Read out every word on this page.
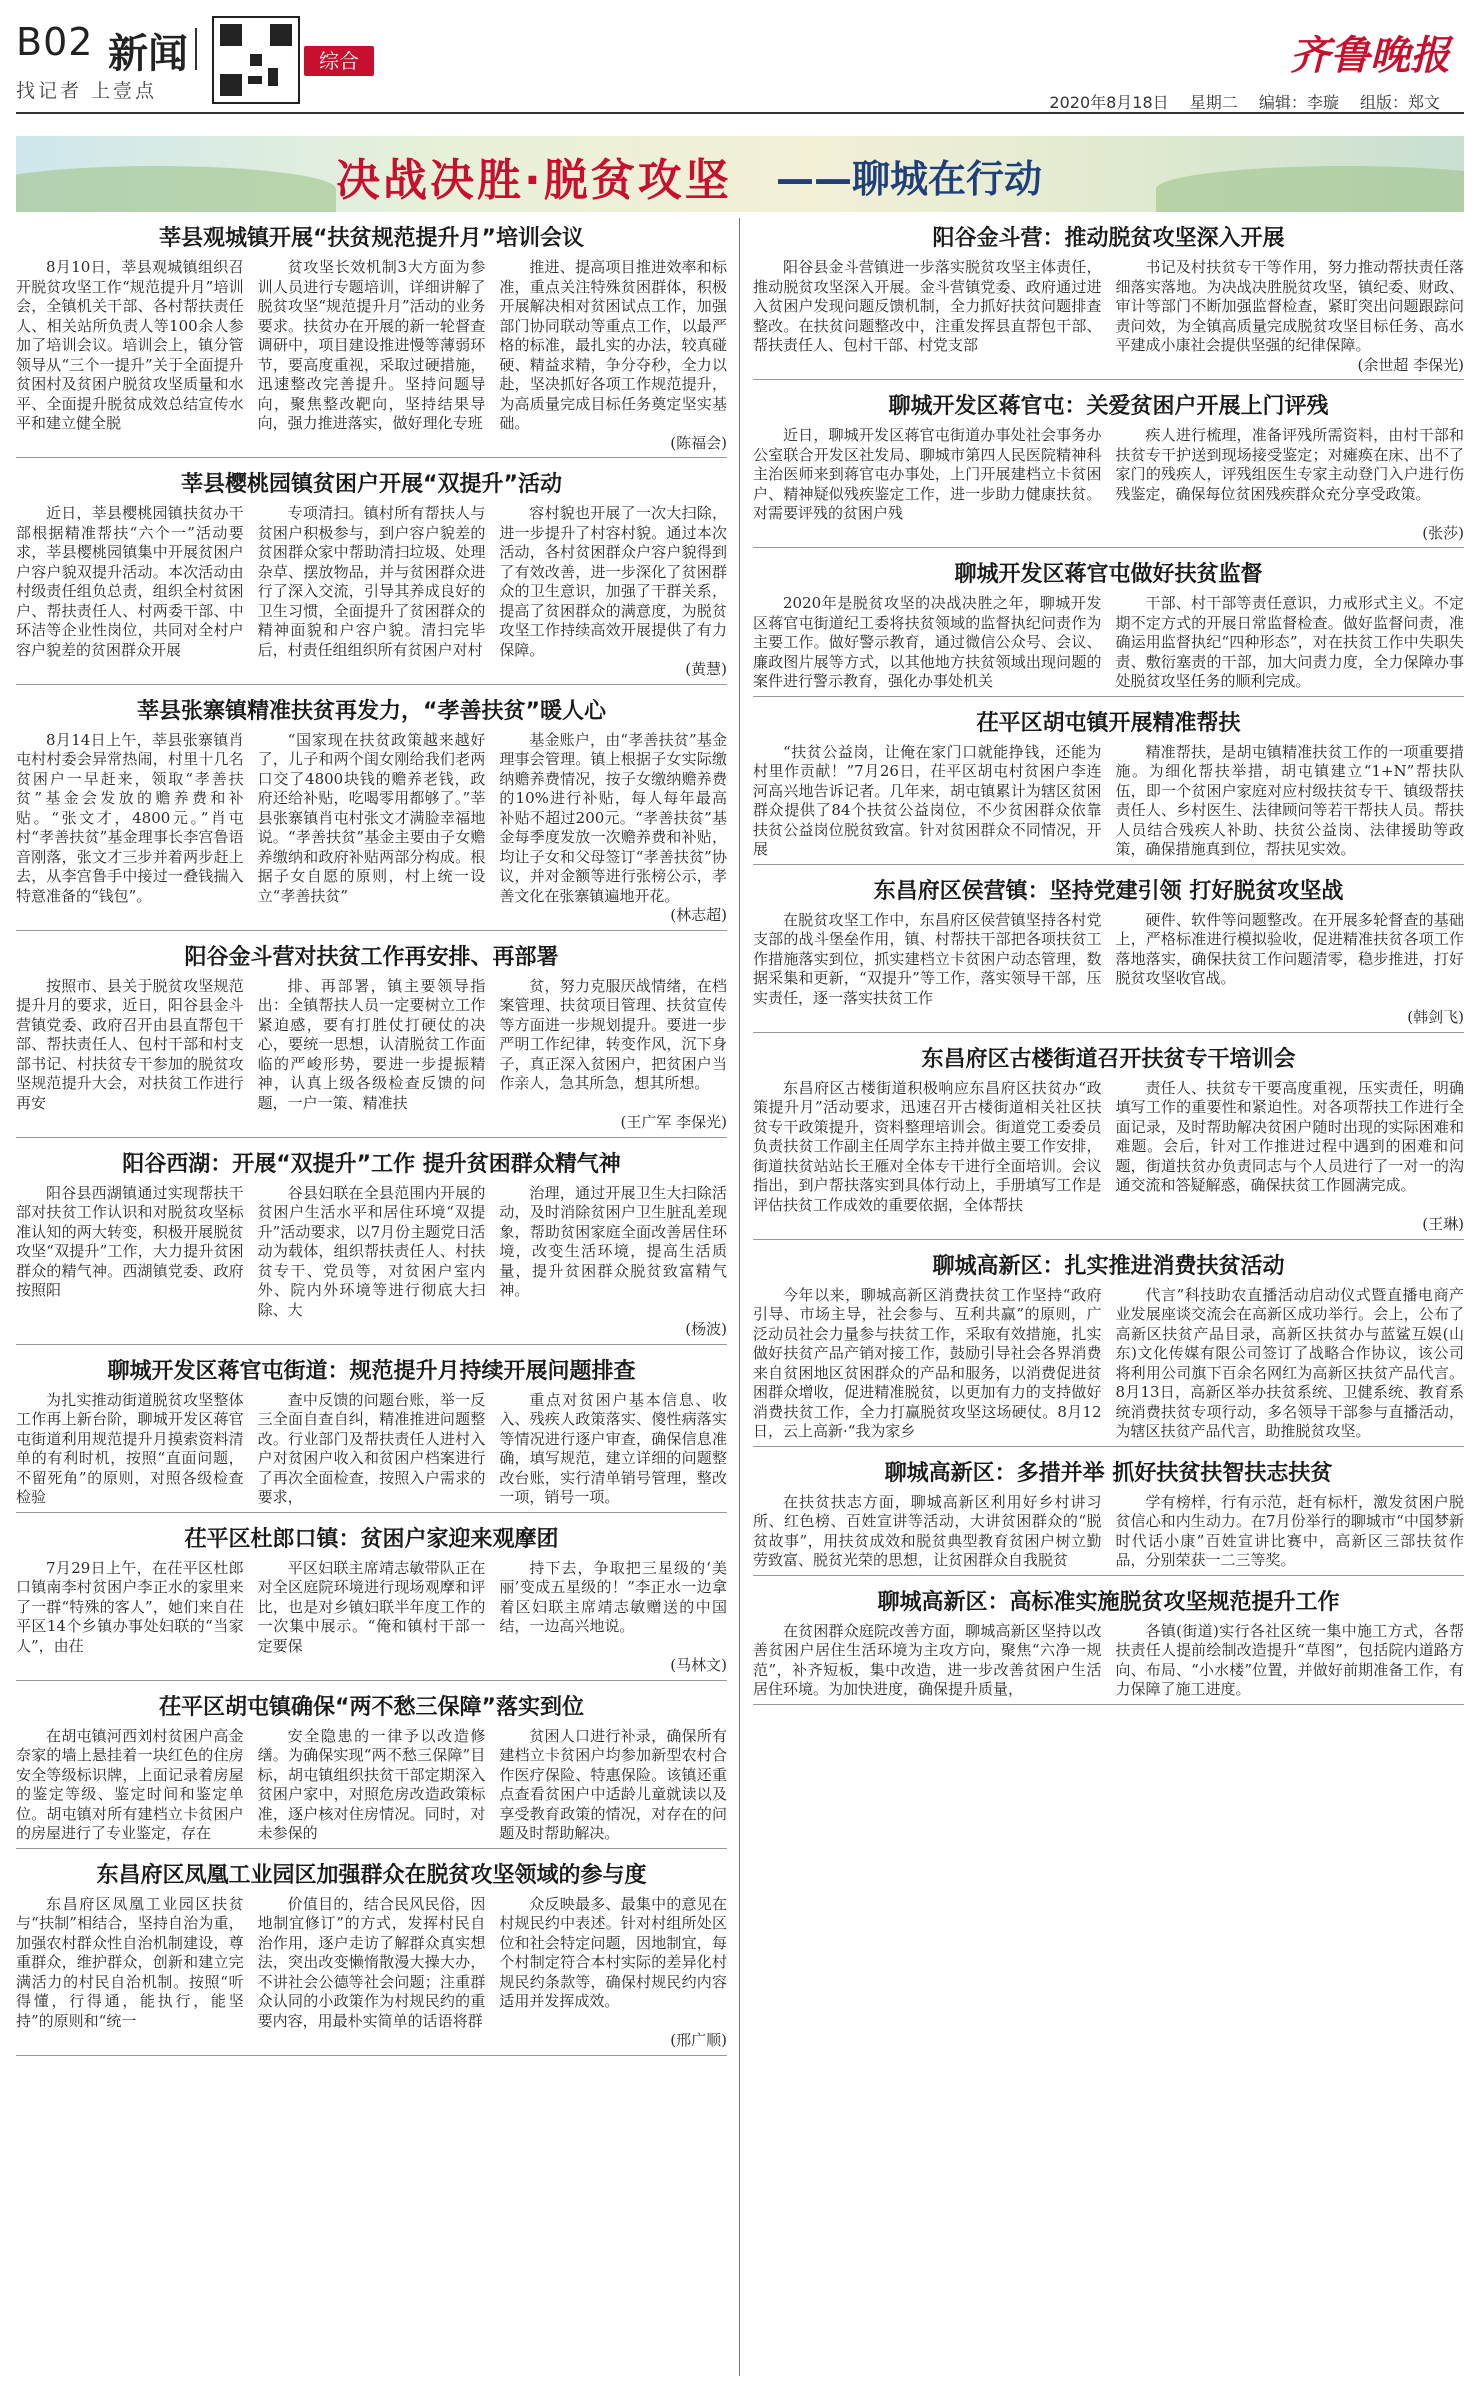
B02 新闻	综合
找记者 上壹点
齐鲁晚报
2020年8月18日 星期二 编辑：李璇 组版：郑文
决战决胜·脱贫攻坚 ——聊城在行动
莘县观城镇开展“扶贫规范提升月”培训会议

8月10日，莘县观城镇组织召开脱贫攻坚工作“规范提升月”培训会，全镇机关干部、各村帮扶责任人、相关站所负责人等100余人参加了培训会议。培训会上，镇分管领导从“三个一提升”关于全面提升贫困村及贫困户脱贫攻坚质量和水平、全面提升脱贫成效总结宣传水平和建立健全脱

贫攻坚长效机制3大方面为参训人员进行专题培训，详细讲解了脱贫攻坚“规范提升月”活动的业务要求。扶贫办在开展的新一轮督查调研中，项目建设推进慢等薄弱环节，要高度重视，采取过硬措施，迅速整改完善提升。坚持问题导向，聚焦整改靶向，坚持结果导向，强力推进落实，做好理化专班

推进、提高项目推进效率和标准，重点关注特殊贫困群体，积极开展解决相对贫困试点工作，加强部门协同联动等重点工作，以最严格的标准，最扎实的办法，较真碰硬、精益求精，争分夺秒，全力以赴，坚决抓好各项工作规范提升，为高质量完成目标任务奠定坚实基础。

(陈福会)
莘县樱桃园镇贫困户开展“双提升”活动

近日，莘县樱桃园镇扶贫办干部根据精准帮扶“六个一”活动要求，莘县樱桃园镇集中开展贫困户户容户貌双提升活动。本次活动由村级责任组负总责，组织全村贫困户、帮扶责任人、村两委干部、中环洁等企业性岗位，共同对全村户容户貌差的贫困群众开展

专项清扫。镇村所有帮扶人与贫困户积极参与，到户容户貌差的贫困群众家中帮助清扫垃圾、处理杂草、摆放物品，并与贫困群众进行了深入交流，引导其养成良好的卫生习惯，全面提升了贫困群众的精神面貌和户容户貌。清扫完毕后，村责任组组织所有贫困户对村

容村貌也开展了一次大扫除，进一步提升了村容村貌。通过本次活动，各村贫困群众户容户貌得到了有效改善，进一步深化了贫困群众的卫生意识，加强了干群关系，提高了贫困群众的满意度，为脱贫攻坚工作持续高效开展提供了有力保障。

(黄慧)
莘县张寨镇精准扶贫再发力，“孝善扶贫”暖人心

8月14日上午，莘县张寨镇肖屯村村委会异常热闹，村里十几名贫困户一早赶来，领取“孝善扶贫”基金会发放的赡养费和补贴。“张文才，4800元。”肖屯村“孝善扶贫”基金理事长李宫鲁语音刚落，张文才三步并着两步赶上去，从李宫鲁手中接过一叠钱揣入特意准备的“钱包”。

“国家现在扶贫政策越来越好了，儿子和两个闺女刚给我们老两口交了4800块钱的赡养老钱，政府还给补贴，吃喝零用都够了。”莘县张寨镇肖屯村张文才满脸幸福地说。“孝善扶贫”基金主要由子女赡养缴纳和政府补贴两部分构成。根据子女自愿的原则，村上统一设立“孝善扶贫”

基金账户，由“孝善扶贫”基金理事会管理。镇上根据子女实际缴纳赡养费情况，按子女缴纳赡养费的10%进行补贴，每人每年最高补贴不超过200元。“孝善扶贫”基金每季度发放一次赡养费和补贴，均让子女和父母签订“孝善扶贫”协议，并对金额等进行张榜公示，孝善文化在张寨镇遍地开花。

(林志超)
阳谷金斗营对扶贫工作再安排、再部署

按照市、县关于脱贫攻坚规范提升月的要求，近日，阳谷县金斗营镇党委、政府召开由县直帮包干部、帮扶责任人、包村干部和村支部书记、村扶贫专干参加的脱贫攻坚规范提升大会，对扶贫工作进行再安

排、再部署，镇主要领导指出：全镇帮扶人员一定要树立工作紧迫感，要有打胜仗打硬仗的决心，要统一思想，认清脱贫工作面临的严峻形势，要进一步提振精神，认真上级各级检查反馈的问题，一户一策、精准扶

贫，努力克服厌战情绪，在档案管理、扶贫项目管理、扶贫宣传等方面进一步规划提升。要进一步严明工作纪律，转变作风，沉下身子，真正深入贫困户，把贫困户当作亲人，急其所急，想其所想。

(王广军 李保光)
阳谷西湖：开展“双提升”工作 提升贫困群众精气神

阳谷县西湖镇通过实现帮扶干部对扶贫工作认识和对脱贫攻坚标准认知的两大转变，积极开展脱贫攻坚“双提升”工作，大力提升贫困群众的精气神。西湖镇党委、政府按照阳

谷县妇联在全县范围内开展的贫困户生活水平和居住环境“双提升”活动要求，以7月份主题党日活动为载体，组织帮扶责任人、村扶贫专干、党员等，对贫困户室内外、院内外环境等进行彻底大扫除、大

治理，通过开展卫生大扫除活动，及时消除贫困户卫生脏乱差现象，帮助贫困家庭全面改善居住环境，改变生活环境，提高生活质量，提升贫困群众脱贫致富精气神。

(杨波)
聊城开发区蒋官屯街道：规范提升月持续开展问题排查

为扎实推动街道脱贫攻坚整体工作再上新台阶，聊城开发区蒋官屯街道利用规范提升月摸索资料清单的有利时机，按照“直面问题，不留死角”的原则，对照各级检查检验

查中反馈的问题台账，举一反三全面自查自纠，精准推进问题整改。行业部门及帮扶责任人进村入户对贫困户收入和贫困户档案进行了再次全面检查，按照入户需求的要求，

重点对贫困户基本信息、收入、残疾人政策落实、傻性病落实等情况进行逐户审查，确保信息准确，填写规范，建立详细的问题整改台账，实行清单销号管理，整改一项，销号一项。

茌平区杜郎口镇：贫困户家迎来观摩团

7月29日上午，在茌平区杜郎口镇南李村贫困户李正水的家里来了一群“特殊的客人”，她们来自茌平区14个乡镇办事处妇联的“当家人”，由茌

平区妇联主席靖志敏带队正在对全区庭院环境进行现场观摩和评比，也是对乡镇妇联半年度工作的一次集中展示。“俺和镇村干部一定要保

持下去，争取把三星级的‘美丽’变成五星级的！”李正水一边拿着区妇联主席靖志敏赠送的中国结，一边高兴地说。

(马林文)
茌平区胡屯镇确保“两不愁三保障”落实到位

在胡屯镇河西刘村贫困户高金奈家的墙上悬挂着一块红色的住房安全等级标识牌，上面记录着房屋的鉴定等级、鉴定时间和鉴定单位。胡屯镇对所有建档立卡贫困户的房屋进行了专业鉴定，存在

安全隐患的一律予以改造修缮。为确保实现“两不愁三保障”目标，胡屯镇组织扶贫干部定期深入贫困户家中，对照危房改造政策标准，逐户核对住房情况。同时，对未参保的

贫困人口进行补录，确保所有建档立卡贫困户均参加新型农村合作医疗保险、特惠保险。该镇还重点查看贫困户中适龄儿童就读以及享受教育政策的情况，对存在的问题及时帮助解决。

东昌府区凤凰工业园区加强群众在脱贫攻坚领域的参与度

东昌府区凤凰工业园区扶贫与“扶制”相结合，坚持自治为重，加强农村群众性自治机制建设，尊重群众，维护群众，创新和建立完满活力的村民自治机制。按照“听得懂，行得通，能执行，能坚持”的原则和“统一

价值目的，结合民风民俗，因地制宜修订”的方式，发挥村民自治作用，逐户走访了解群众真实想法，突出改变懒惰散漫大操大办，不讲社会公德等社会问题；注重群众认同的小政策作为村规民约的重要内容，用最朴实简单的话语将群

众反映最多、最集中的意见在村规民约中表述。针对村组所处区位和社会特定问题，因地制宜，每个村制定符合本村实际的差异化村规民约条款等，确保村规民约内容适用并发挥成效。

(邢广顺)
阳谷金斗营：推动脱贫攻坚深入开展

阳谷县金斗营镇进一步落实脱贫攻坚主体责任，推动脱贫攻坚深入开展。金斗营镇党委、政府通过进入贫困户发现问题反馈机制，全力抓好扶贫问题排查整改。在扶贫问题整改中，注重发挥县直帮包干部、帮扶责任人、包村干部、村党支部

书记及村扶贫专干等作用，努力推动帮扶责任落细落实落地。为决战决胜脱贫攻坚，镇纪委、财政、审计等部门不断加强监督检查，紧盯突出问题跟踪问责问效，为全镇高质量完成脱贫攻坚目标任务、高水平建成小康社会提供坚强的纪律保障。

(余世超 李保光)
聊城开发区蒋官屯：关爱贫困户开展上门评残

近日，聊城开发区蒋官屯街道办事处社会事务办公室联合开发区社发局、聊城市第四人民医院精神科主治医师来到蒋官屯办事处，上门开展建档立卡贫困户、精神疑似残疾鉴定工作，进一步助力健康扶贫。对需要评残的贫困户残

疾人进行梳理，准备评残所需资料，由村干部和扶贫专干护送到现场接受鉴定；对瘫痪在床、出不了家门的残疾人，评残组医生专家主动登门入户进行伤残鉴定，确保每位贫困残疾群众充分享受政策。

(张莎)
聊城开发区蒋官屯做好扶贫监督

2020年是脱贫攻坚的决战决胜之年，聊城开发区蒋官屯街道纪工委将扶贫领域的监督执纪问责作为主要工作。做好警示教育，通过微信公众号、会议、廉政图片展等方式，以其他地方扶贫领域出现问题的案件进行警示教育，强化办事处机关

干部、村干部等责任意识，力戒形式主义。不定期不定方式的开展日常监督检查。做好监督问责，准确运用监督执纪“四种形态”，对在扶贫工作中失职失责、敷衍塞责的干部，加大问责力度，全力保障办事处脱贫攻坚任务的顺利完成。

茌平区胡屯镇开展精准帮扶

“扶贫公益岗，让俺在家门口就能挣钱，还能为村里作贡献！”7月26日，茌平区胡屯村贫困户李连河高兴地告诉记者。几年来，胡屯镇累计为辖区贫困群众提供了84个扶贫公益岗位，不少贫困群众依靠扶贫公益岗位脱贫致富。针对贫困群众不同情况，开展

精准帮扶，是胡屯镇精准扶贫工作的一项重要措施。为细化帮扶举措，胡屯镇建立“1+N”帮扶队伍，即一个贫困户家庭对应村级扶贫专干、镇级帮扶责任人、乡村医生、法律顾问等若干帮扶人员。帮扶人员结合残疾人补助、扶贫公益岗、法律援助等政策，确保措施真到位，帮扶见实效。

东昌府区侯营镇：坚持党建引领 打好脱贫攻坚战

在脱贫攻坚工作中，东昌府区侯营镇坚持各村党支部的战斗堡垒作用，镇、村帮扶干部把各项扶贫工作措施落实到位，抓实建档立卡贫困户动态管理，数据采集和更新，“双提升”等工作，落实领导干部，压实责任，逐一落实扶贫工作

硬件、软件等问题整改。在开展多轮督查的基础上，严格标准进行模拟验收，促进精准扶贫各项工作落地落实，确保扶贫工作问题清零，稳步推进，打好脱贫攻坚收官战。

(韩剑飞)
东昌府区古楼街道召开扶贫专干培训会

东昌府区古楼街道积极响应东昌府区扶贫办“政策提升月”活动要求，迅速召开古楼街道相关社区扶贫专干政策提升，资料整理培训会。街道党工委委员负责扶贫工作副主任周学东主持并做主要工作安排，街道扶贫站站长王雁对全体专干进行全面培训。会议指出，到户帮扶落实到具体行动上，手册填写工作是评估扶贫工作成效的重要依据，全体帮扶

责任人、扶贫专干要高度重视，压实责任，明确填写工作的重要性和紧迫性。对各项帮扶工作进行全面记录，及时帮助解决贫困户随时出现的实际困难和难题。会后，针对工作推进过程中遇到的困难和问题，街道扶贫办负责同志与个人员进行了一对一的沟通交流和答疑解惑，确保扶贫工作圆满完成。

(王琳)
聊城高新区：扎实推进消费扶贫活动

今年以来，聊城高新区消费扶贫工作坚持“政府引导、市场主导，社会参与、互利共赢”的原则，广泛动员社会力量参与扶贫工作，采取有效措施，扎实做好扶贫产品产销对接工作，鼓励引导社会各界消费来自贫困地区贫困群众的产品和服务，以消费促进贫困群众增收，促进精准脱贫，以更加有力的支持做好消费扶贫工作，全力打赢脱贫攻坚这场硬仗。8月12日，云上高新·“我为家乡

代言”科技助农直播活动启动仪式暨直播电商产业发展座谈交流会在高新区成功举行。会上，公布了高新区扶贫产品目录，高新区扶贫办与蓝鲨互娱(山东)文化传媒有限公司签订了战略合作协议，该公司将利用公司旗下百余名网红为高新区扶贫产品代言。8月13日，高新区举办扶贫系统、卫健系统、教育系统消费扶贫专项行动，多名领导干部参与直播活动，为辖区扶贫产品代言，助推脱贫攻坚。

聊城高新区：多措并举 抓好扶贫扶智扶志扶贫

在扶贫扶志方面，聊城高新区利用好乡村讲习所、红色榜、百姓宣讲等活动，大讲贫困群众的“脱贫故事”，用扶贫成效和脱贫典型教育贫困户树立勤劳致富、脱贫光荣的思想，让贫困群众自我脱贫

学有榜样，行有示范，赶有标杆，激发贫困户脱贫信心和内生动力。在7月份举行的聊城市“中国梦新时代话小康”百姓宣讲比赛中，高新区三部扶贫作品，分别荣获一二三等奖。

聊城高新区：高标准实施脱贫攻坚规范提升工作

在贫困群众庭院改善方面，聊城高新区坚持以改善贫困户居住生活环境为主攻方向，聚焦“六净一规范”，补齐短板，集中改造，进一步改善贫困户生活居住环境。为加快进度，确保提升质量，

各镇(街道)实行各社区统一集中施工方式，各帮扶责任人提前绘制改造提升“草图”，包括院内道路方向、布局、“小水楼”位置，并做好前期准备工作，有力保障了施工进度。
